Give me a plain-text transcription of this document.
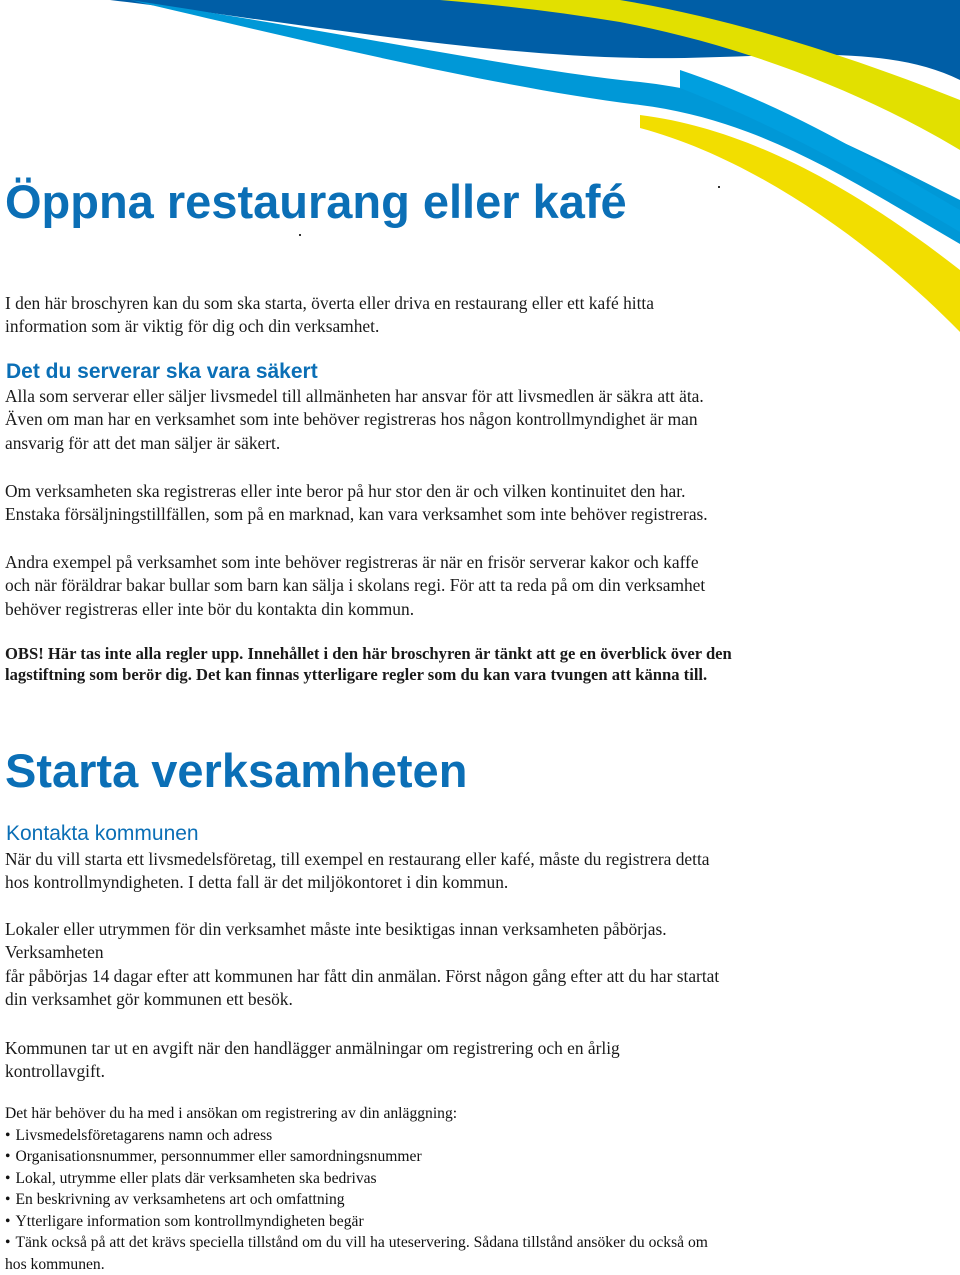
Öppna restaurang eller kafé
I den här broschyren kan du som ska starta, överta eller driva en restaurang eller ett kafé hitta
information som är viktig för dig och din verksamhet.
Det du serverar ska vara säkert
Alla som serverar eller säljer livsmedel till allmänheten har ansvar för att livsmedlen är säkra att äta.
Även om man har en verksamhet som inte behöver registreras hos någon kontrollmyndighet är man
ansvarig för att det man säljer är säkert.
Om verksamheten ska registreras eller inte beror på hur stor den är och vilken kontinuitet den har.
Enstaka försäljningstillfällen, som på en marknad, kan vara verksamhet som inte behöver registreras.
Andra exempel på verksamhet som inte behöver registreras är när en frisör serverar kakor och kaffe
och när föräldrar bakar bullar som barn kan sälja i skolans regi. För att ta reda på om din verksamhet
behöver registreras eller inte bör du kontakta din kommun.
OBS! Här tas inte alla regler upp. Innehållet i den här broschyren är tänkt att ge en överblick över den
lagstiftning som berör dig. Det kan finnas ytterligare regler som du kan vara tvungen att känna till.
Starta verksamheten
Kontakta kommunen
När du vill starta ett livsmedelsföretag, till exempel en restaurang eller kafé, måste du registrera detta
hos kontrollmyndigheten. I detta fall är det miljökontoret i din kommun.
Lokaler eller utrymmen för din verksamhet måste inte besiktigas innan verksamheten påbörjas.
Verksamheten
får påbörjas 14 dagar efter att kommunen har fått din anmälan. Först någon gång efter att du har startat
din verksamhet gör kommunen ett besök.
Kommunen tar ut en avgift när den handlägger anmälningar om registrering och en årlig
kontrollavgift.
Det här behöver du ha med i ansökan om registrering av din anläggning:
• Livsmedelsföretagarens namn och adress
• Organisationsnummer, personnummer eller samordningsnummer
• Lokal, utrymme eller plats där verksamheten ska bedrivas
• En beskrivning av verksamhetens art och omfattning
• Ytterligare information som kontrollmyndigheten begär
• Tänk också på att det krävs speciella tillstånd om du vill ha uteservering. Sådana tillstånd ansöker du också om
hos kommunen.
